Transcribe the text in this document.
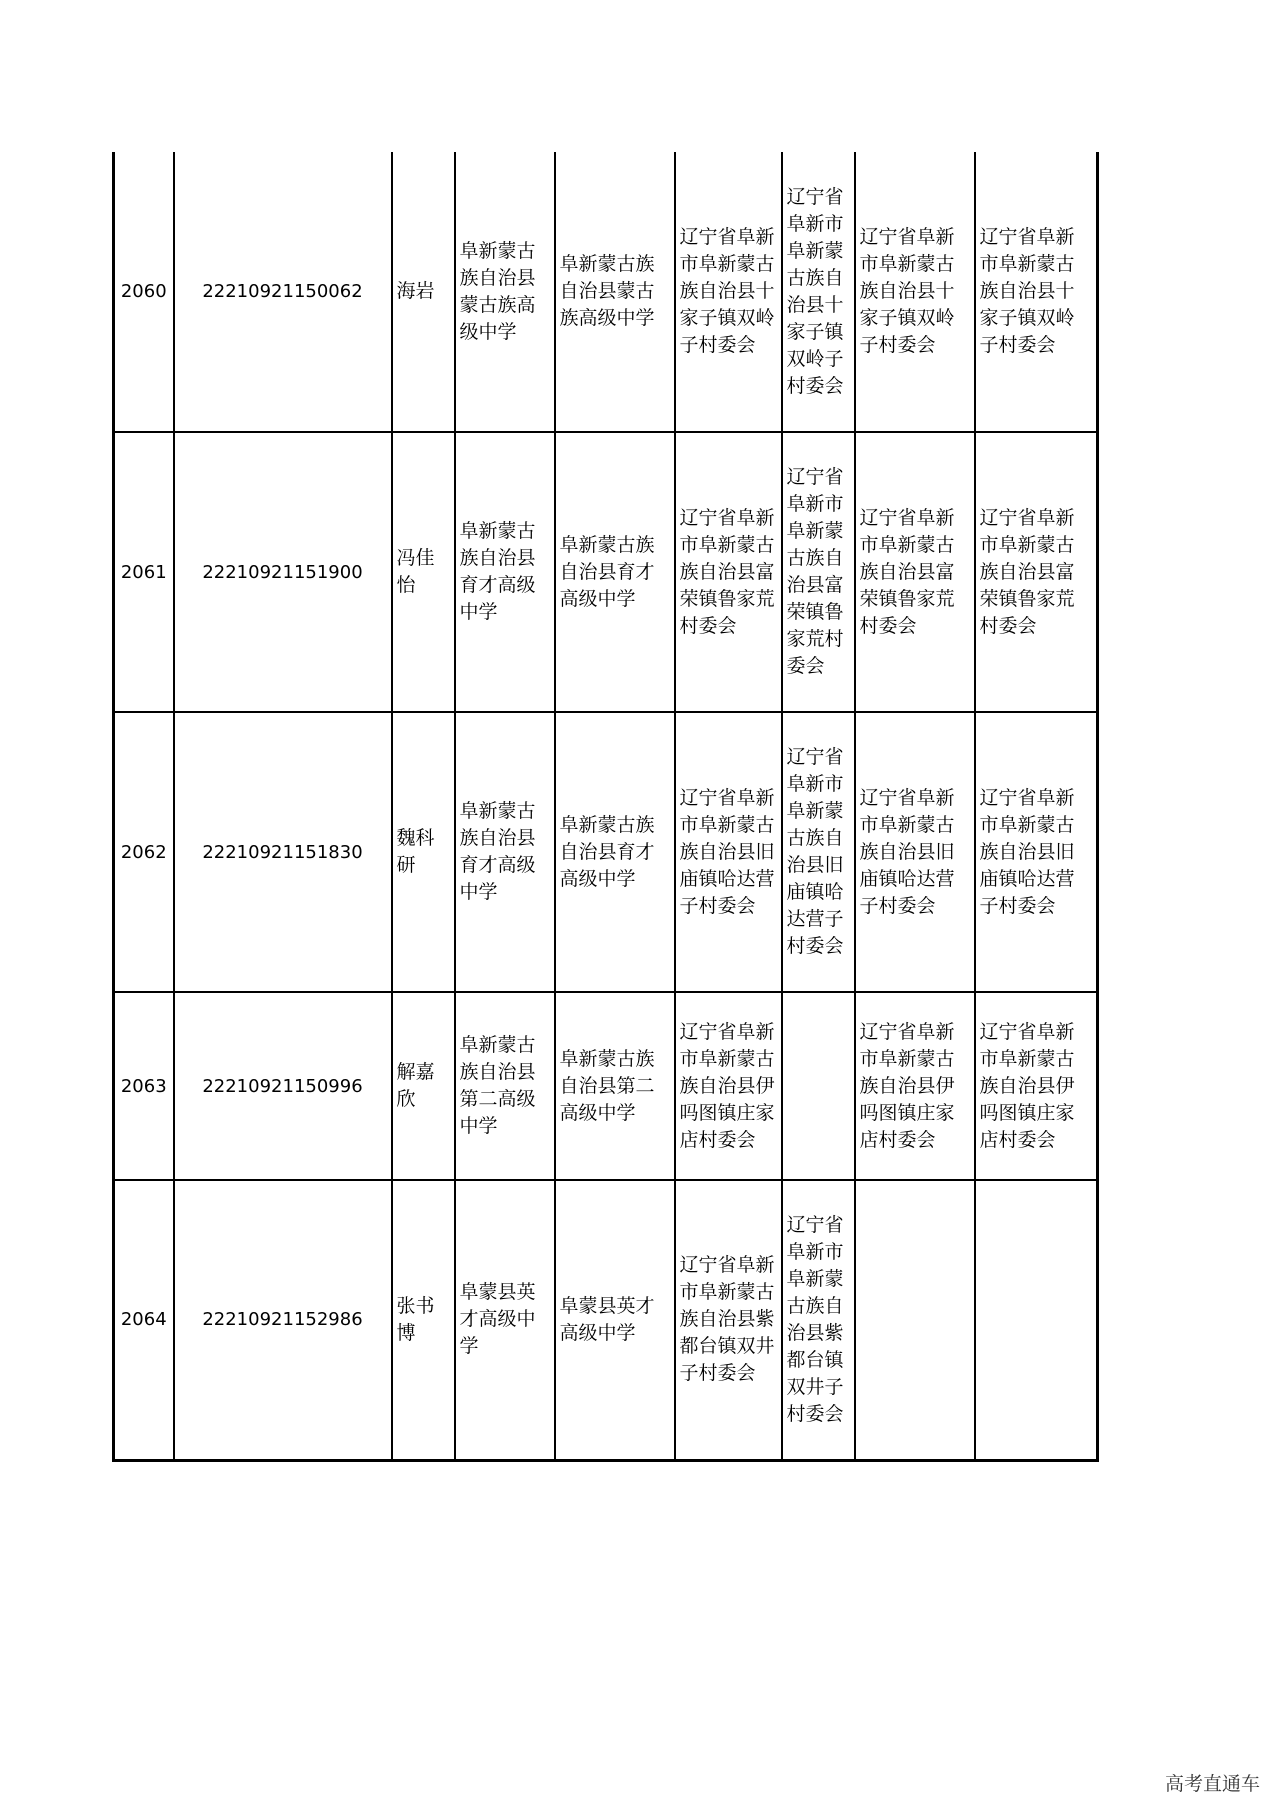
2060	22210921150062	海岩	阜新蒙古族自治县蒙古族高级中学	阜新蒙古族自治县蒙古族高级中学	辽宁省阜新市阜新蒙古族自治县十家子镇双岭子村委会	辽宁省阜新市阜新蒙古族自治县十家子镇双岭子村委会	辽宁省阜新市阜新蒙古族自治县十家子镇双岭子村委会	辽宁省阜新市阜新蒙古族自治县十家子镇双岭子村委会
2061	22210921151900	冯佳怡	阜新蒙古族自治县育才高级中学	阜新蒙古族自治县育才高级中学	辽宁省阜新市阜新蒙古族自治县富荣镇鲁家荒村委会	辽宁省阜新市阜新蒙古族自治县富荣镇鲁家荒村委会	辽宁省阜新市阜新蒙古族自治县富荣镇鲁家荒村委会	辽宁省阜新市阜新蒙古族自治县富荣镇鲁家荒村委会
2062	22210921151830	魏科研	阜新蒙古族自治县育才高级中学	阜新蒙古族自治县育才高级中学	辽宁省阜新市阜新蒙古族自治县旧庙镇哈达营子村委会	辽宁省阜新市阜新蒙古族自治县旧庙镇哈达营子村委会	辽宁省阜新市阜新蒙古族自治县旧庙镇哈达营子村委会	辽宁省阜新市阜新蒙古族自治县旧庙镇哈达营子村委会
2063	22210921150996	解嘉欣	阜新蒙古族自治县第二高级中学	阜新蒙古族自治县第二高级中学	辽宁省阜新市阜新蒙古族自治县伊吗图镇庄家店村委会		辽宁省阜新市阜新蒙古族自治县伊吗图镇庄家店村委会	辽宁省阜新市阜新蒙古族自治县伊吗图镇庄家店村委会
2064	22210921152986	张书博	阜蒙县英才高级中学	阜蒙县英才高级中学	辽宁省阜新市阜新蒙古族自治县紫都台镇双井子村委会	辽宁省阜新市阜新蒙古族自治县紫都台镇双井子村委会		
高考直通车
